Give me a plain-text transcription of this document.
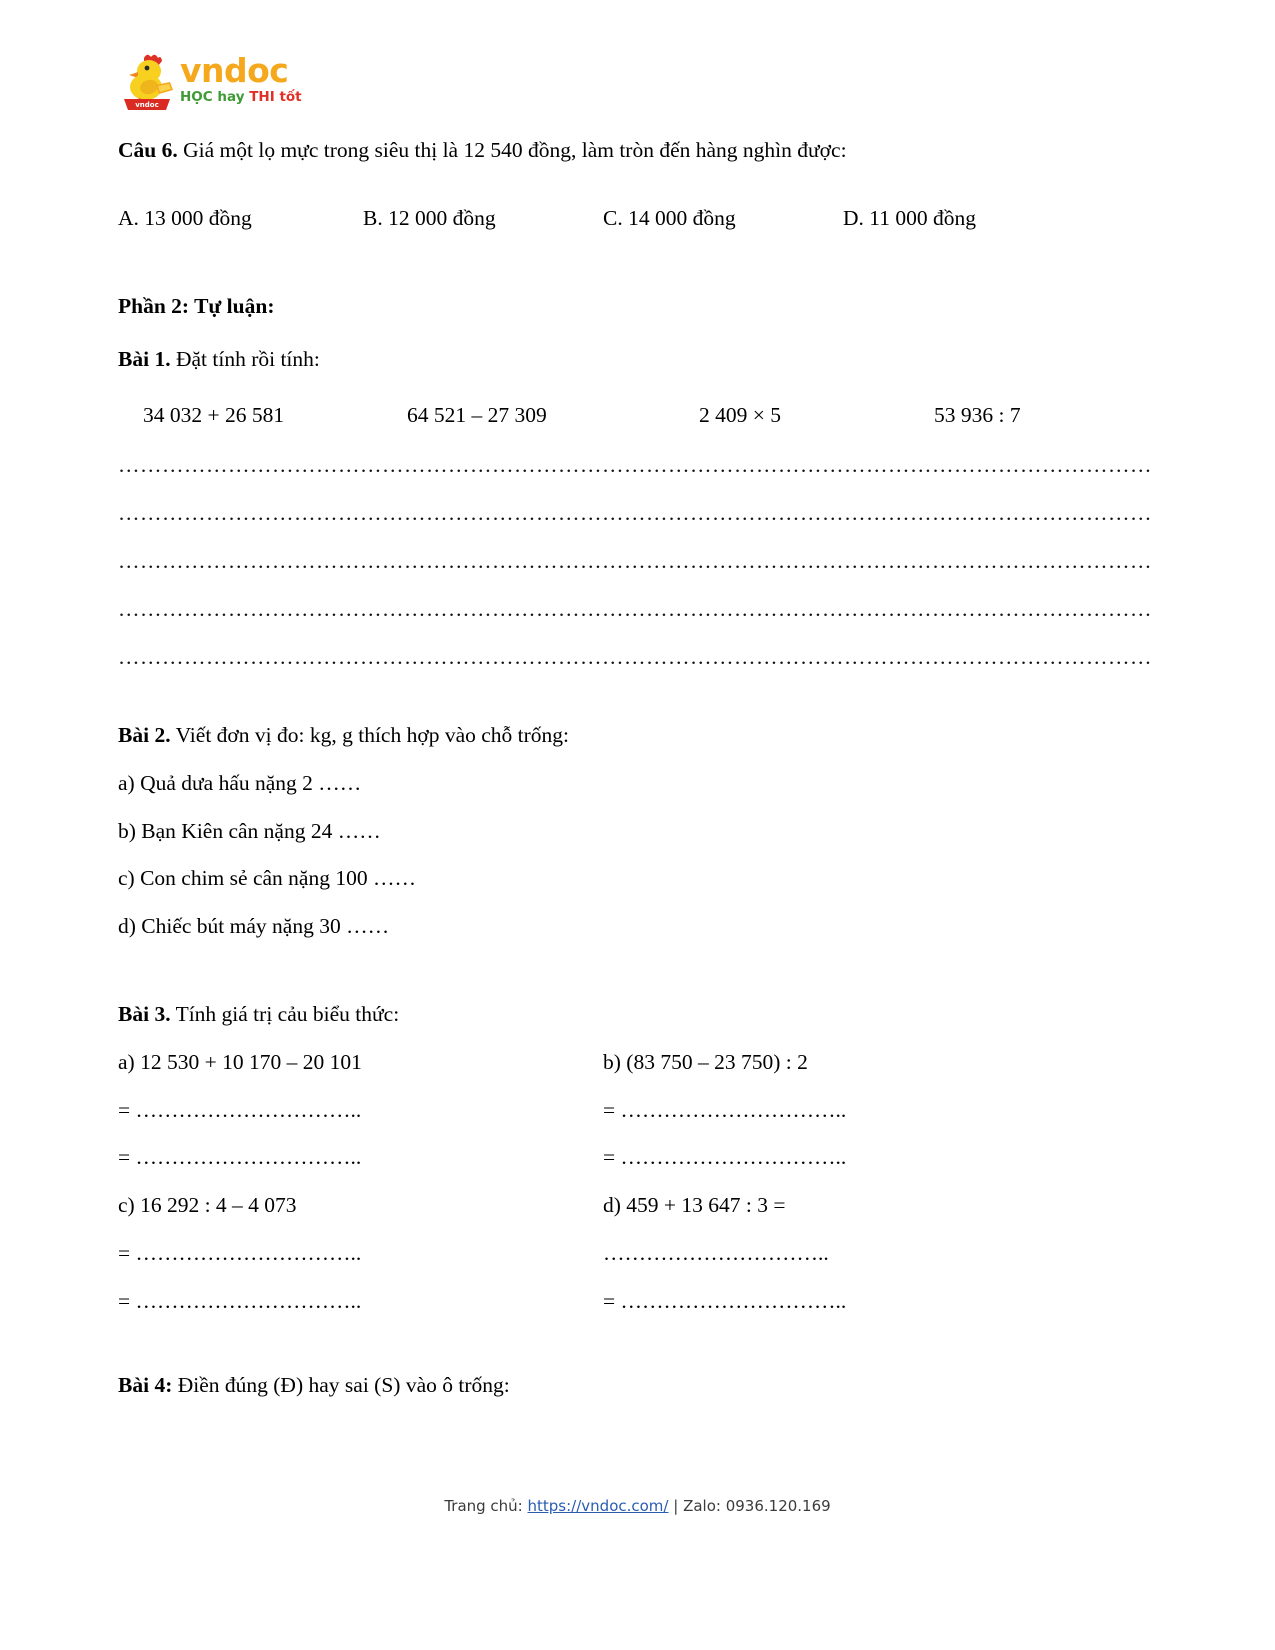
vndoc
vndoc
HỌC hay THI tốt
Câu 6. Giá một lọ mực trong siêu thị là 12 540 đồng, làm tròn đến hàng nghìn được:
A. 13 000 đồng	B. 12 000 đồng	C. 14 000 đồng	D. 11 000 đồng
Phần 2: Tự luận:
Bài 1. Đặt tính rồi tính:
34 032 + 26 581	64 521 – 27 309	2 409 × 5	53 936 : 7
……………………………………………………………………………………………………………………………
……………………………………………………………………………………………………………………………
……………………………………………………………………………………………………………………………
……………………………………………………………………………………………………………………………
……………………………………………………………………………………………………………………………
Bài 2. Viết đơn vị đo: kg, g thích hợp vào chỗ trống:
a) Quả dưa hấu nặng 2 ……
b) Bạn Kiên cân nặng 24 ……
c) Con chim sẻ cân nặng 100 ……
d) Chiếc bút máy nặng 30 ……
Bài 3. Tính giá trị cảu biểu thức:
a) 12 530 + 10 170 – 20 101	b) (83 750 – 23 750) : 2
= …………………………..	= …………………………..
= …………………………..	= …………………………..
c) 16 292 : 4 – 4 073	d) 459 + 13 647 : 3 =
= …………………………..	…………………………..
= …………………………..	= …………………………..
Bài 4: Điền đúng (Đ) hay sai (S) vào ô trống:
Trang chủ: https://vndoc.com/ | Zalo: 0936.120.169
